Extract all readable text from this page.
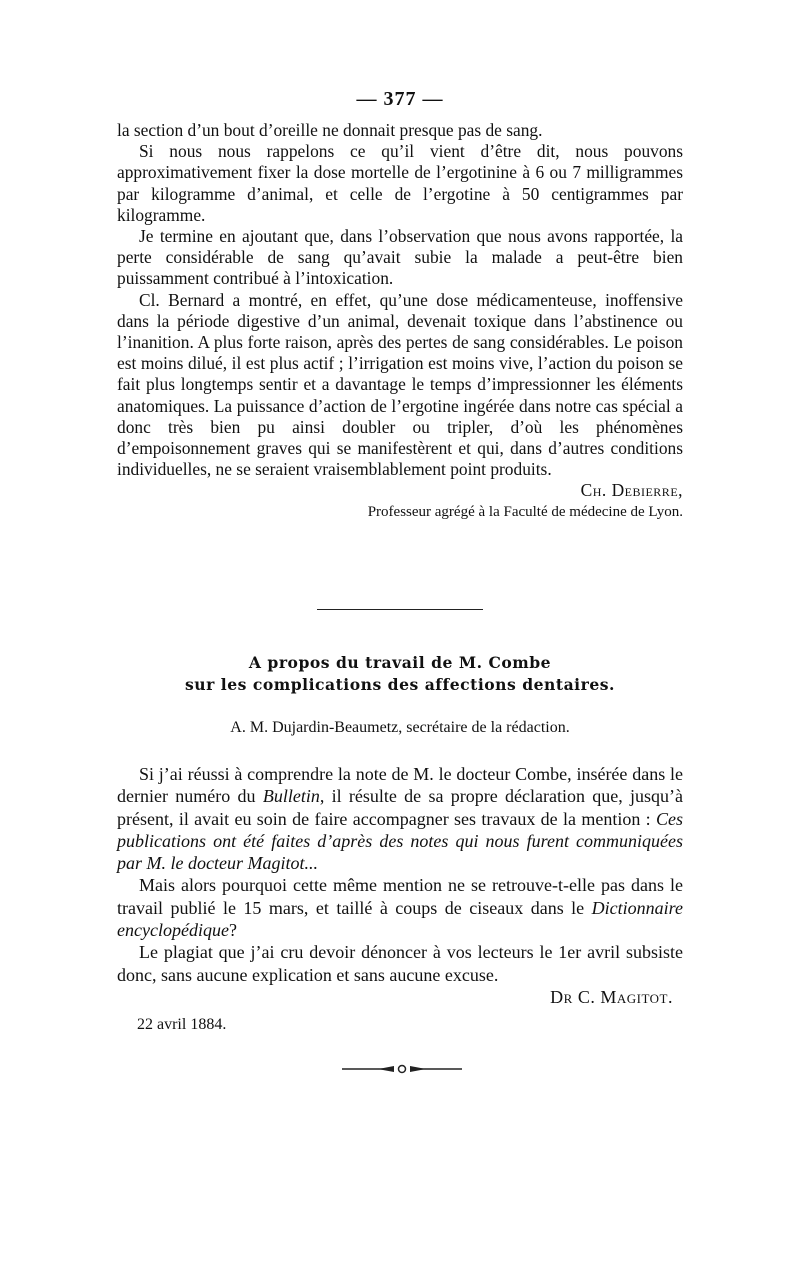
— 377 —

la section d’un bout d’oreille ne donnait presque pas de sang.

Si nous nous rappelons ce qu’il vient d’être dit, nous pouvons approximativement fixer la dose mortelle de l’ergotinine à 6 ou 7 milligrammes par kilogramme d’animal, et celle de l’ergotine à 50 centigrammes par kilogramme.

Je termine en ajoutant que, dans l’observation que nous avons rapportée, la perte considérable de sang qu’avait subie la malade a peut-être bien puissamment contribué à l’intoxication.

Cl. Bernard a montré, en effet, qu’une dose médicamenteuse, inoffensive dans la période digestive d’un animal, devenait toxique dans l’abstinence ou l’inanition. A plus forte raison, après des pertes de sang considérables. Le poison est moins dilué, il est plus actif ; l’irrigation est moins vive, l’action du poison se fait plus longtemps sentir et a davantage le temps d’impressionner les éléments anatomiques. La puissance d’action de l’ergotine ingérée dans notre cas spécial a donc très bien pu ainsi doubler ou tripler, d’où les phénomènes d’empoisonnement graves qui se manifestèrent et qui, dans d’autres conditions individuelles, ne se seraient vraisemblablement point produits.

Ch. Debierre,

Professeur agrégé à la Faculté de médecine de Lyon.

A propos du travail de M. Combe
sur les complications des affections dentaires.
A. M. Dujardin-Beaumetz, secrétaire de la rédaction.

Si j’ai réussi à comprendre la note de M. le docteur Combe, insérée dans le dernier numéro du Bulletin, il résulte de sa propre déclaration que, jusqu’à présent, il avait eu soin de faire accompagner ses travaux de la mention : Ces publications ont été faites d’après des notes qui nous furent communiquées par M. le docteur Magitot...

Mais alors pourquoi cette même mention ne se retrouve-t-elle pas dans le travail publié le 15 mars, et taillé à coups de ciseaux dans le Dictionnaire encyclopédique?

Le plagiat que j’ai cru devoir dénoncer à vos lecteurs le 1er avril subsiste donc, sans aucune explication et sans aucune excuse.

Dr C. Magitot.

22 avril 1884.
